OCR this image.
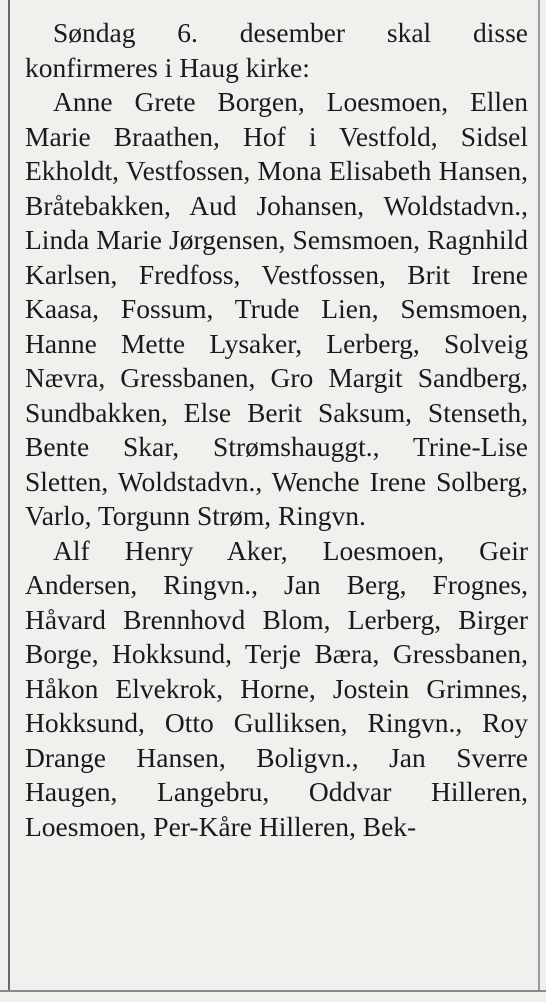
Søndag 6. desember skal disse konfirmeres i Haug kirke:

Anne Grete Borgen, Loesmoen, Ellen Marie Braathen, Hof i Vestfold, Sidsel Ekholdt, Vestfossen, Mona Elisabeth Hansen, Bråtebakken, Aud Johansen, Woldstadvn., Linda Marie Jørgensen, Semsmoen, Ragnhild Karlsen, Fredfoss, Vestfossen, Brit Irene Kaasa, Fossum, Trude Lien, Semsmoen, Hanne Mette Lysaker, Lerberg, Solveig Nævra, Gressbanen, Gro Margit Sandberg, Sundbakken, Else Berit Saksum, Stenseth, Bente Skar, Strømshauggt., Trine-Lise Sletten, Woldstadvn., Wenche Irene Solberg, Varlo, Torgunn Strøm, Ringvn.

Alf Henry Aker, Loesmoen, Geir Andersen, Ringvn., Jan Berg, Frognes, Håvard Brennhovd Blom, Lerberg, Birger Borge, Hokksund, Terje Bæra, Gressbanen, Håkon Elvekrok, Horne, Jostein Grimnes, Hokksund, Otto Gulliksen, Ringvn., Roy Drange Hansen, Boligvn., Jan Sverre Haugen, Langebru, Oddvar Hilleren, Loesmoen, Per-Kåre Hilleren, Bek-
